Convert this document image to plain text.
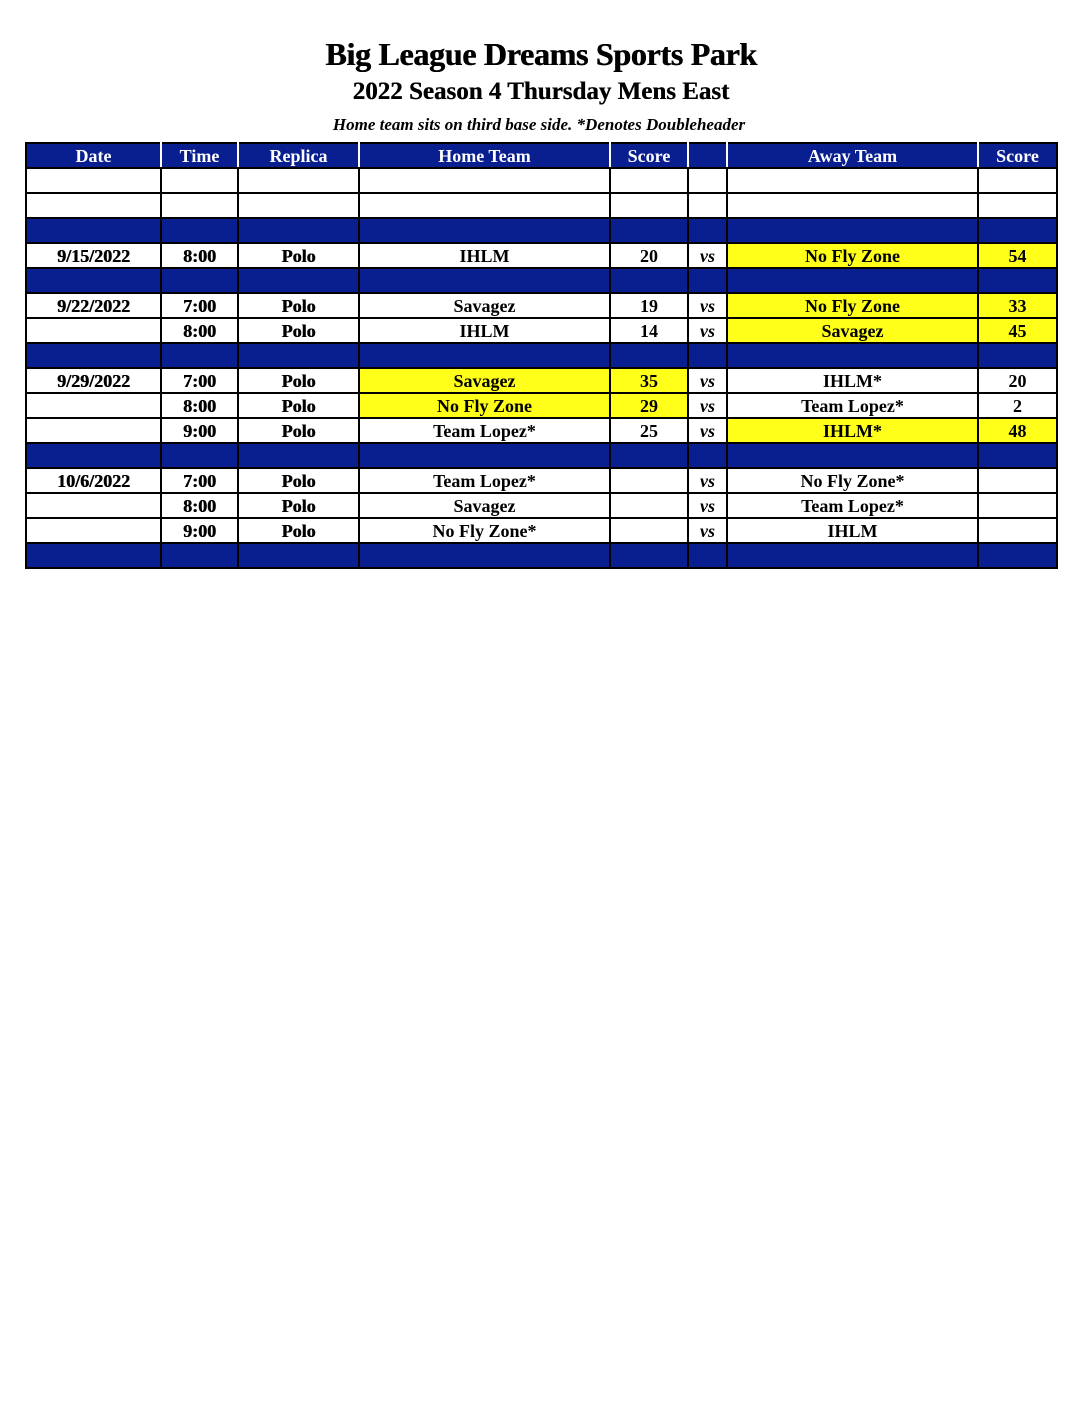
Big League Dreams Sports Park
2022 Season 4 Thursday Mens East
Home team sits on third base side. *Denotes Doubleheader
Date	Time	Replica	Home Team	Score		Away Team	Score

9/15/2022	8:00	Polo	IHLM	20	vs	No Fly Zone	54

9/22/2022	7:00	Polo	Savagez	19	vs	No Fly Zone	33
	8:00	Polo	IHLM	14	vs	Savagez	45

9/29/2022	7:00	Polo	Savagez	35	vs	IHLM*	20
	8:00	Polo	No Fly Zone	29	vs	Team Lopez*	2
	9:00	Polo	Team Lopez*	25	vs	IHLM*	48

10/6/2022	7:00	Polo	Team Lopez*		vs	No Fly Zone*	
	8:00	Polo	Savagez		vs	Team Lopez*	
	9:00	Polo	No Fly Zone*		vs	IHLM	
